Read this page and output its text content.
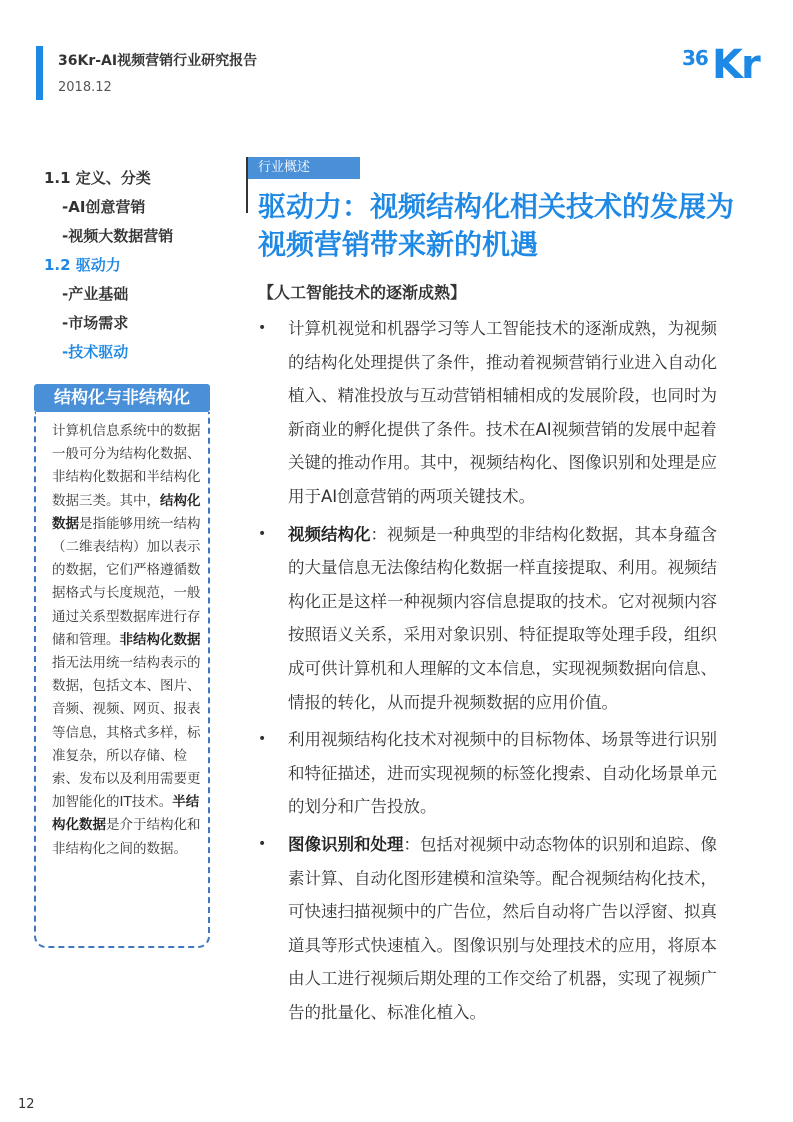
36Kr-AI视频营销行业研究报告
2018.12
36 Kr
1.1 定义、分类
-AI创意营销
-视频大数据营销
1.2 驱动力
-产业基础
-市场需求
-技术驱动
结构化与非结构化
计算机信息系统中的数据一般可分为结构化数据、非结构化数据和半结构化数据三类。其中，结构化数据是指能够用统一结构（二维表结构）加以表示的数据，它们严格遵循数据格式与长度规范，一般通过关系型数据库进行存储和管理。非结构化数据指无法用统一结构表示的数据，包括文本、图片、音频、视频、网页、报表等信息，其格式多样，标准复杂，所以存储、检索、发布以及利用需要更加智能化的IT技术。半结构化数据是介于结构化和非结构化之间的数据。
行业概述
驱动力：视频结构化相关技术的发展为视频营销带来新的机遇
【人工智能技术的逐渐成熟】
• 计算机视觉和机器学习等人工智能技术的逐渐成熟，为视频的结构化处理提供了条件，推动着视频营销行业进入自动化植入、精准投放与互动营销相辅相成的发展阶段，也同时为新商业的孵化提供了条件。技术在AI视频营销的发展中起着关键的推动作用。其中，视频结构化、图像识别和处理是应用于AI创意营销的两项关键技术。
• 视频结构化：视频是一种典型的非结构化数据，其本身蕴含的大量信息无法像结构化数据一样直接提取、利用。视频结构化正是这样一种视频内容信息提取的技术。它对视频内容按照语义关系，采用对象识别、特征提取等处理手段，组织成可供计算机和人理解的文本信息，实现视频数据向信息、情报的转化，从而提升视频数据的应用价值。
• 利用视频结构化技术对视频中的目标物体、场景等进行识别和特征描述，进而实现视频的标签化搜索、自动化场景单元的划分和广告投放。
• 图像识别和处理：包括对视频中动态物体的识别和追踪、像素计算、自动化图形建模和渲染等。配合视频结构化技术，可快速扫描视频中的广告位，然后自动将广告以浮窗、拟真道具等形式快速植入。图像识别与处理技术的应用，将原本由人工进行视频后期处理的工作交给了机器，实现了视频广告的批量化、标准化植入。
12
